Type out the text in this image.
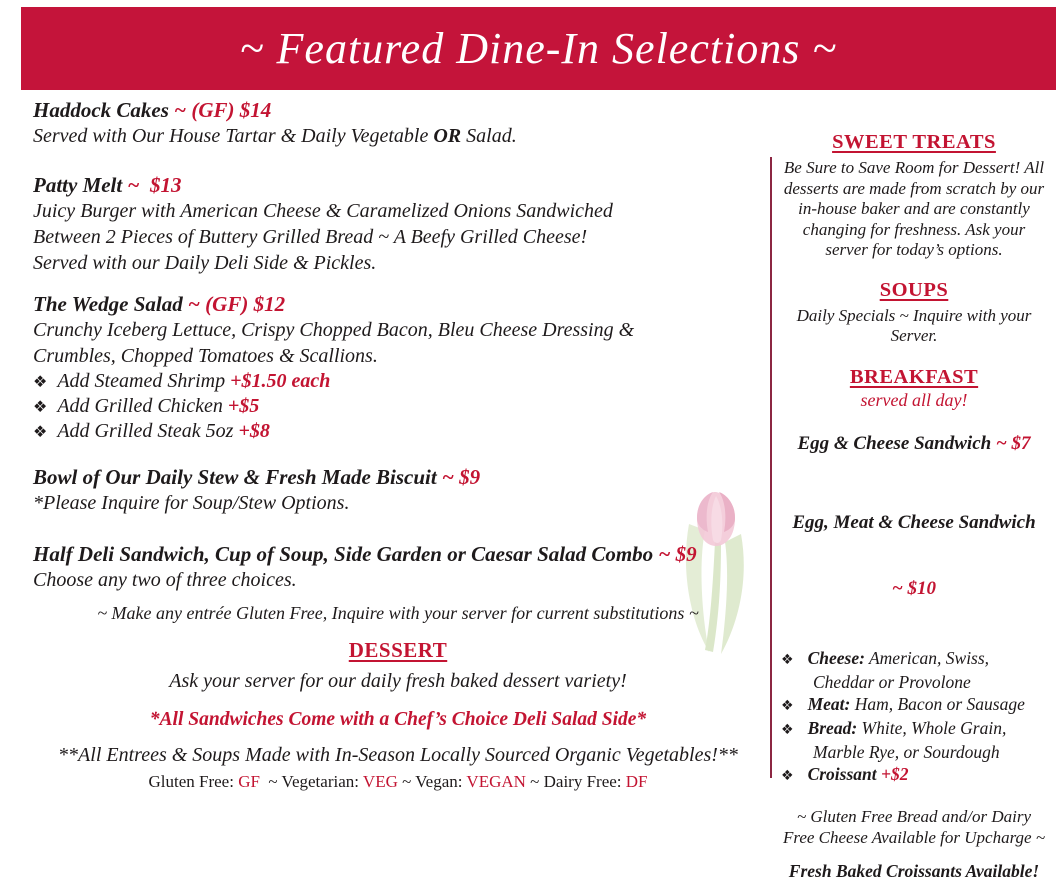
~ Featured Dine-In Selections ~
Haddock Cakes ~ (GF) $14
Served with Our House Tartar & Daily Vegetable OR Salad.
Patty Melt ~  $13
Juicy Burger with American Cheese & Caramelized Onions Sandwiched
Between 2 Pieces of Buttery Grilled Bread ~ A Beefy Grilled Cheese!
Served with our Daily Deli Side & Pickles.
The Wedge Salad ~ (GF) $12
Crunchy Iceberg Lettuce, Crispy Chopped Bacon, Bleu Cheese Dressing &
Crumbles, Chopped Tomatoes & Scallions.
❖ Add Steamed Shrimp +$1.50 each
❖ Add Grilled Chicken +$5
❖ Add Grilled Steak 5oz +$8
Bowl of Our Daily Stew & Fresh Made Biscuit ~ $9
*Please Inquire for Soup/Stew Options.
Half Deli Sandwich, Cup of Soup, Side Garden or Caesar Salad Combo ~ $9
Choose any two of three choices.
~ Make any entrée Gluten Free, Inquire with your server for current substitutions ~
DESSERT
Ask your server for our daily fresh baked dessert variety!
*All Sandwiches Come with a Chef’s Choice Deli Salad Side*
**All Entrees & Soups Made with In-Season Locally Sourced Organic Vegetables!**
Gluten Free: GF  ~ Vegetarian: VEG ~ Vegan: VEGAN ~ Dairy Free: DF
SWEET TREATS
Be Sure to Save Room for Dessert! All desserts are made from scratch by our in-house baker and are constantly changing for freshness. Ask your server for today’s options.
SOUPS
Daily Specials ~ Inquire with your Server.
BREAKFAST
served all day!
Egg & Cheese Sandwich ~ $7

Egg, Meat & Cheese Sandwich

~ $10

❖ Cheese: American, Swiss, Cheddar or Provolone
❖ Meat: Ham, Bacon or Sausage
❖ Bread: White, Whole Grain, Marble Rye, or Sourdough
❖ Croissant +$2
~ Gluten Free Bread and/or Dairy Free Cheese Available for Upcharge ~
Fresh Baked Croissants Available!
